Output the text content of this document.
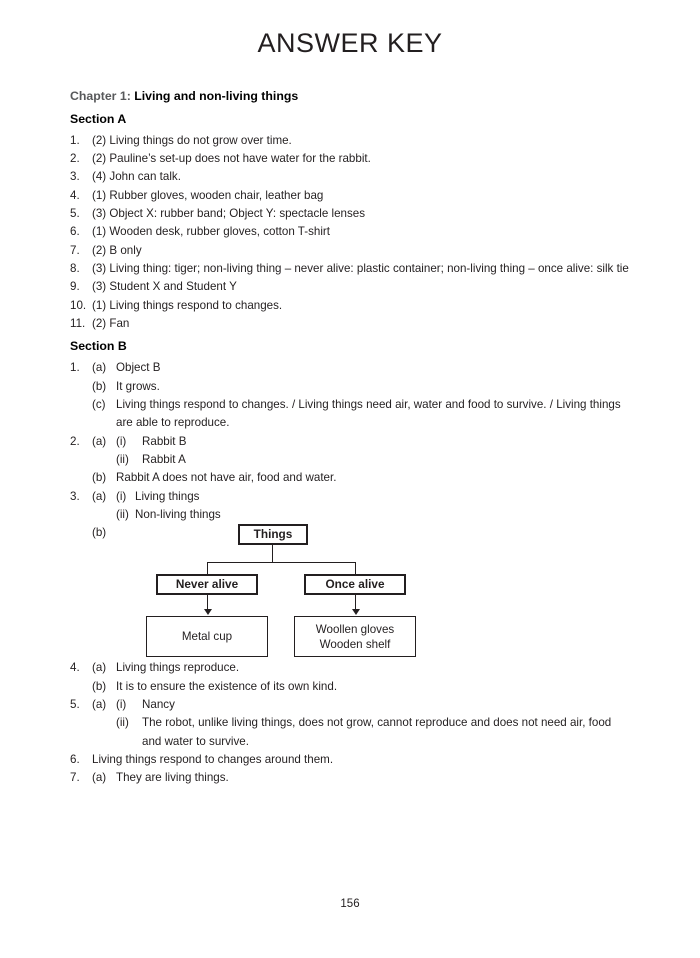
ANSWER KEY
Chapter 1: Living and non-living things
Section A
1.	(2) Living things do not grow over time.
2.	(2) Pauline’s set-up does not have water for the rabbit.
3.	(4) John can talk.
4.	(1) Rubber gloves, wooden chair, leather bag
5.	(3) Object X: rubber band; Object Y: spectacle lenses
6.	(1) Wooden desk, rubber gloves, cotton T-shirt
7.	(2) B only
8.	(3) Living thing: tiger; non-living thing – never alive: plastic container; non-living thing – once alive: silk tie
9.	(3) Student X and Student Y
10. (1) Living things respond to changes.
11. (2) Fan
Section B
1.	(a) Object B
(b) It grows.
(c) Living things respond to changes. / Living things need air, water and food to survive. / Living things are able to reproduce.
2.	(a) (i)	Rabbit B
(ii)	Rabbit A
(b) Rabbit A does not have air, food and water.
3.	(a) (i) Living things
(ii) Non-living things
(b)	Things
Never alive	Once alive
Metal cup
Woollen gloves
Wooden shelf
4.	(a) Living things reproduce.
(b) It is to ensure the existence of its own kind.
5.	(a) (i)	Nancy
(ii)	The robot, unlike living things, does not grow, cannot reproduce and does not need air, food and water to survive.
6.	Living things respond to changes around them.
7.	(a) They are living things.
156
